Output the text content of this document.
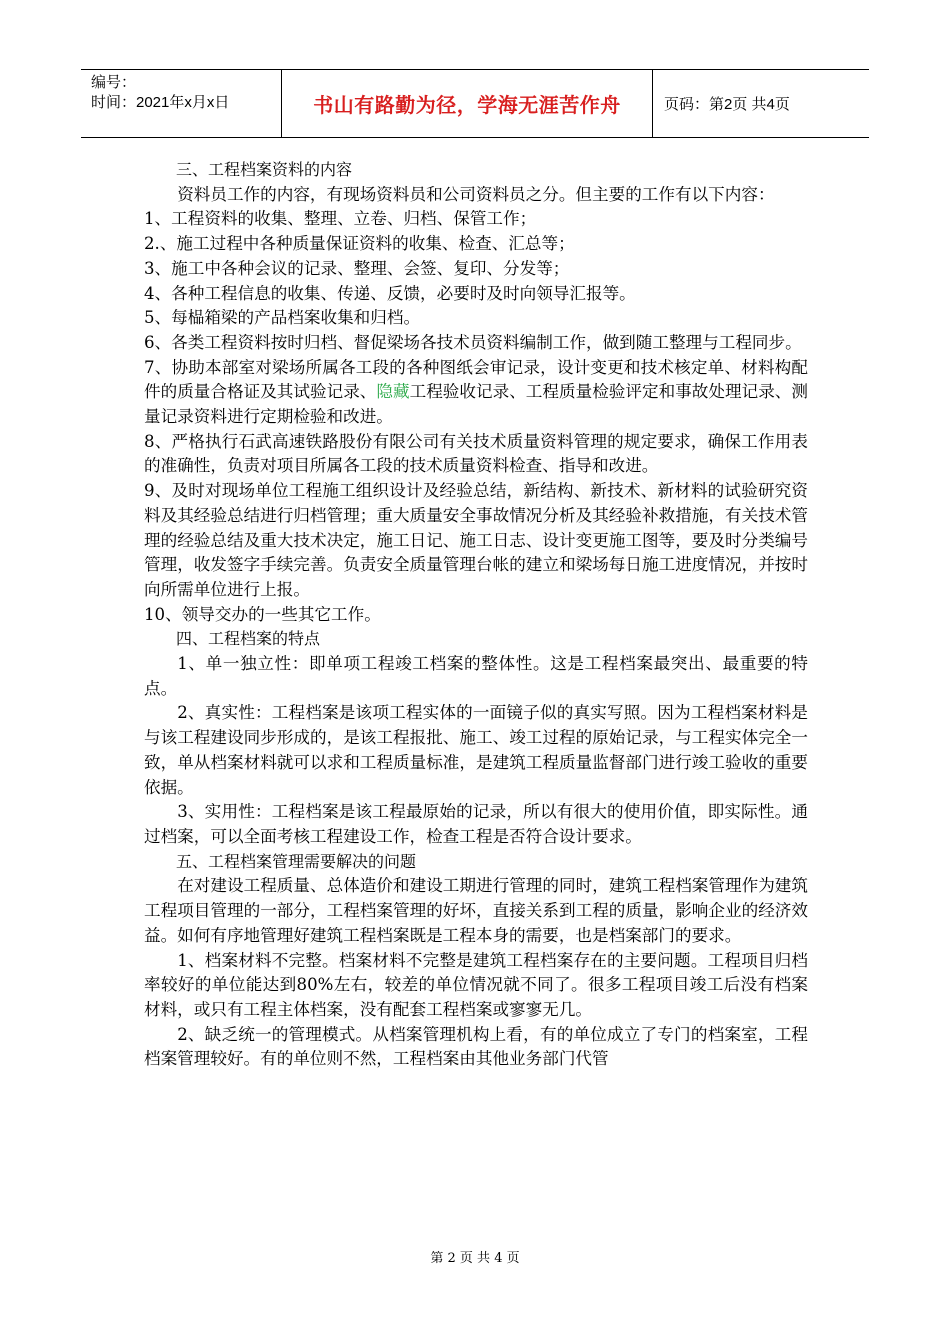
编号：
时间：2021年x月x日	书山有路勤为径，学海无涯苦作舟	页码：第2页 共4页

三、工程档案资料的内容

资料员工作的内容，有现场资料员和公司资料员之分。但主要的工作有以下内容：

1、工程资料的收集、整理、立卷、归档、保管工作；

2.、施工过程中各种质量保证资料的收集、检查、汇总等；

3、施工中各种会议的记录、整理、会签、复印、分发等；

4、各种工程信息的收集、传递、反馈，必要时及时向领导汇报等。

5、每榀箱梁的产品档案收集和归档。

6、各类工程资料按时归档、督促梁场各技术员资料编制工作，做到随工整理与工程同步。

7、协助本部室对梁场所属各工段的各种图纸会审记录，设计变更和技术核定单、材料构配件的质量合格证及其试验记录、隐藏工程验收记录、工程质量检验评定和事故处理记录、测量记录资料进行定期检验和改进。

8、严格执行石武高速铁路股份有限公司有关技术质量资料管理的规定要求，确保工作用表的准确性，负责对项目所属各工段的技术质量资料检查、指导和改进。

9、及时对现场单位工程施工组织设计及经验总结，新结构、新技术、新材料的试验研究资料及其经验总结进行归档管理；重大质量安全事故情况分析及其经验补救措施，有关技术管理的经验总结及重大技术决定，施工日记、施工日志、设计变更施工图等，要及时分类编号管理，收发签字手续完善。负责安全质量管理台帐的建立和梁场每日施工进度情况，并按时向所需单位进行上报。

10、领导交办的一些其它工作。

四、工程档案的特点

1、单一独立性：即单项工程竣工档案的整体性。这是工程档案最突出、最重要的特点。

2、真实性：工程档案是该项工程实体的一面镜子似的真实写照。因为工程档案材料是与该工程建设同步形成的，是该工程报批、施工、竣工过程的原始记录，与工程实体完全一致，单从档案材料就可以求和工程质量标准，是建筑工程质量监督部门进行竣工验收的重要依据。

3、实用性：工程档案是该工程最原始的记录，所以有很大的使用价值，即实际性。通过档案，可以全面考核工程建设工作，检查工程是否符合设计要求。

五、工程档案管理需要解决的问题

在对建设工程质量、总体造价和建设工期进行管理的同时，建筑工程档案管理作为建筑工程项目管理的一部分，工程档案管理的好坏，直接关系到工程的质量，影响企业的经济效益。如何有序地管理好建筑工程档案既是工程本身的需要，也是档案部门的要求。

1、档案材料不完整。档案材料不完整是建筑工程档案存在的主要问题。工程项目归档率较好的单位能达到80%左右，较差的单位情况就不同了。很多工程项目竣工后没有档案材料，或只有工程主体档案，没有配套工程档案或寥寥无几。

2、缺乏统一的管理模式。从档案管理机构上看，有的单位成立了专门的档案室，工程档案管理较好。有的单位则不然，工程档案由其他业务部门代管

第 2 页 共 4 页
